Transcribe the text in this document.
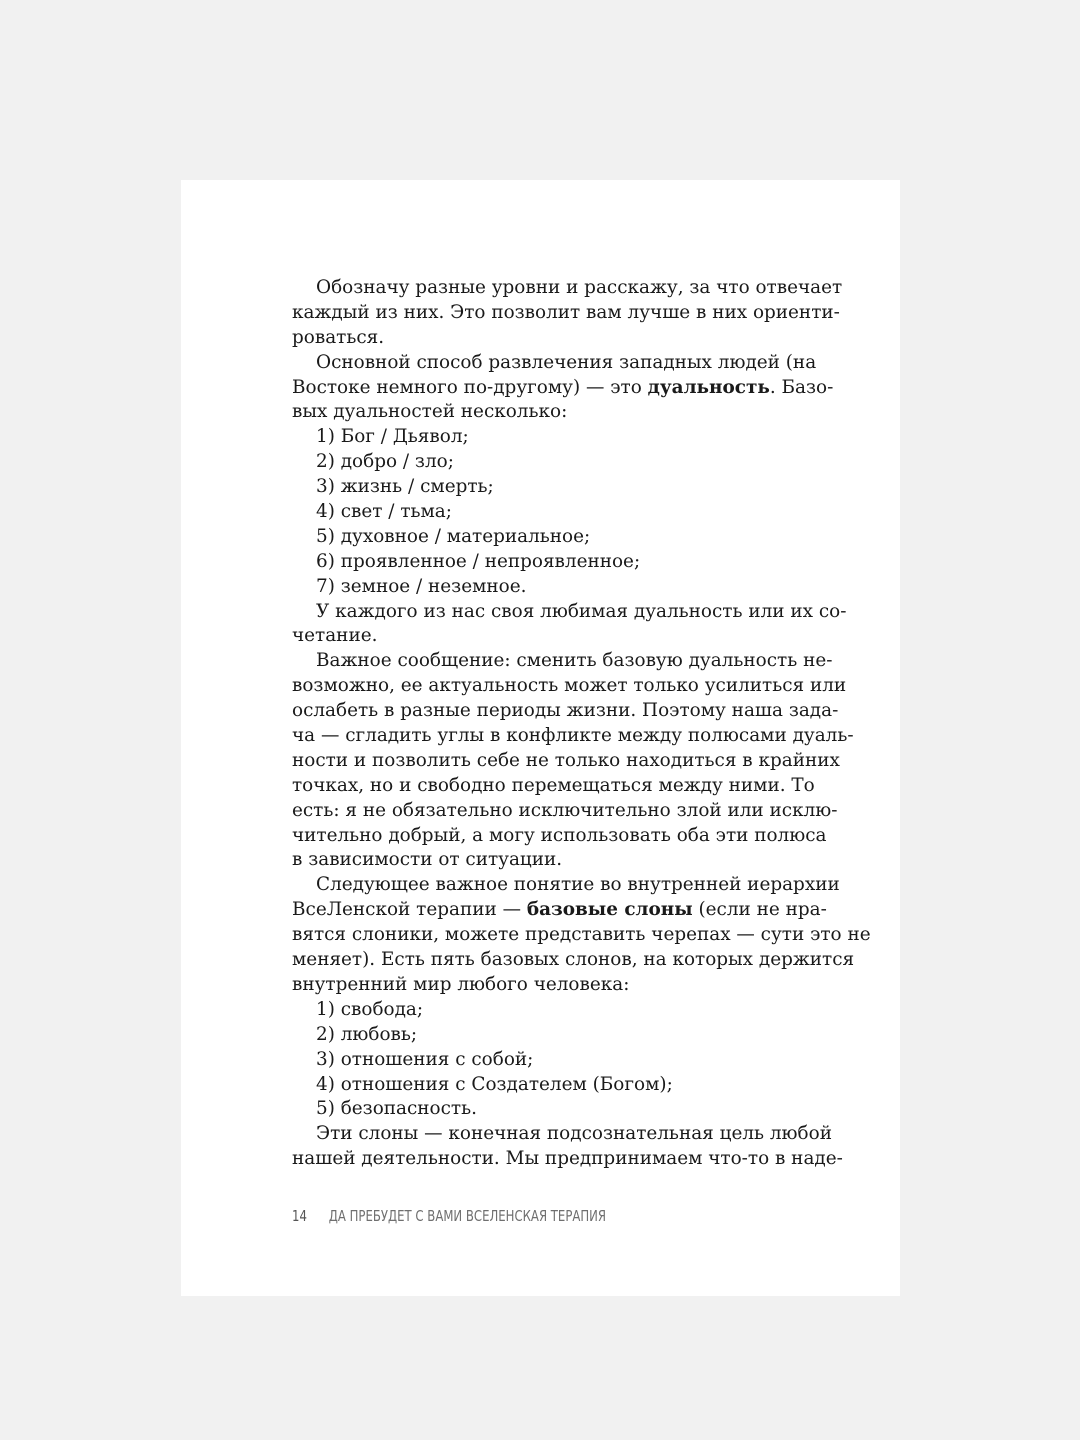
Обозначу разные уровни и расскажу, за что отвечает
каждый из них. Это позволит вам лучше в них ориенти-
роваться.
Основной способ развлечения западных людей (на
Востоке немного по-другому) — это дуальность. Базо-
вых дуальностей несколько:
1) Бог / Дьявол;
2) добро / зло;
3) жизнь / смерть;
4) свет / тьма;
5) духовное / материальное;
6) проявленное / непроявленное;
7) земное / неземное.
У каждого из нас своя любимая дуальность или их со-
четание.
Важное сообщение: сменить базовую дуальность не-
возможно, ее актуальность может только усилиться или
ослабеть в разные периоды жизни. Поэтому наша зада-
ча — сгладить углы в конфликте между полюсами дуаль-
ности и позволить себе не только находиться в крайних
точках, но и свободно перемещаться между ними. То
есть: я не обязательно исключительно злой или исклю-
чительно добрый, а могу использовать оба эти полюса
в зависимости от ситуации.
Следующее важное понятие во внутренней иерархии
ВсеЛенской терапии — базовые слоны (если не нра-
вятся слоники, можете представить черепах — сути это не
меняет). Есть пять базовых слонов, на которых держится
внутренний мир любого человека:
1) свобода;
2) любовь;
3) отношения с собой;
4) отношения с Создателем (Богом);
5) безопасность.
Эти слоны — конечная подсознательная цель любой
нашей деятельности. Мы предпринимаем что-то в наде-
14 ДА ПРЕБУДЕТ С ВАМИ ВСЕЛЕНСКАЯ ТЕРАПИЯ
